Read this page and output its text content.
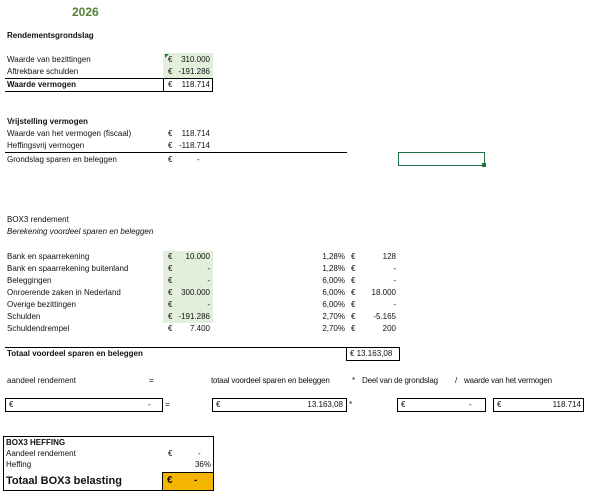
2026
Rendementsgrondslag
Waarde van bezittingen	€	310.000
Aftrekbare schulden	€ -191.286
Waarde vermogen	€	118.714
Vrijstelling vermogen
Waarde van het vermogen (fiscaal)	€	118.714
Heffingsvrij vermogen	€ -118.714
Grondslag sparen en beleggen	€	-
BOX3 rendement
Berekening voordeel sparen en beleggen
Bank en spaarrekening	€	10.000	1,28% €	128
Bank en spaarrekening buitenland	€	-	1,28% €	-
Beleggingen	€	-	6,00% €	-
Onroerende zaken in Nederland	€	300.000	6,00% €	18.000
Overige bezittingen	€	-	6,00% €	-
Schulden	€ -191.286	2,70% €	-5.165
Schuldendrempel	€	7.400	2,70% €	200
Totaal voordeel sparen en beleggen	€ 13.163,08
aandeel rendement	=	totaal voordeel sparen en beleggen	* Deel van de grondslag / waarde van het vermogen
€	- =	€	13.163,08 *	€	-	€	118.714
BOX3 HEFFING
Aandeel rendement	€	-
Heffing	36%
Totaal BOX3 belasting	€ -
